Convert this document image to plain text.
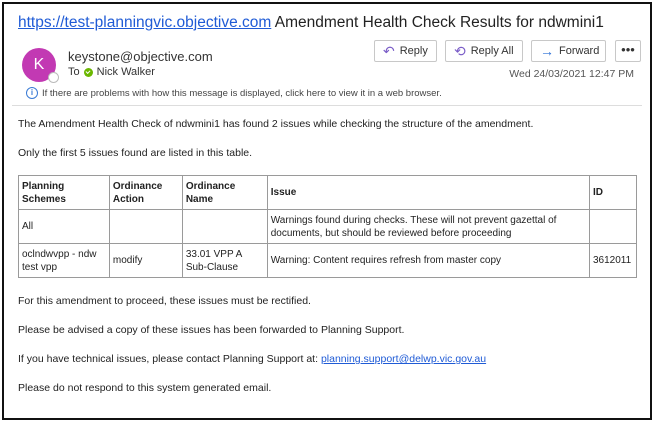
https://test-planningvic.objective.com Amendment Health Check Results for ndwmini1
K	keystone@objective.com
To Nick Walker
↶ Reply ⟲ Reply All → Forward	•••
Wed 24/03/2021 12:47 PM
i If there are problems with how this message is displayed, click here to view it in a web browser.
The Amendment Health Check of ndwmini1 has found 2 issues while checking the structure of the amendment.
Only the first 5 issues found are listed in this table.
Planning Schemes	Ordinance Action	Ordinance Name	Issue	ID
All			Warnings found during checks. These will not prevent gazettal of documents, but should be reviewed before proceeding	
oclndwvpp - ndw test vpp	modify	33.01 VPP A Sub-Clause	Warning: Content requires refresh from master copy	3612011
For this amendment to proceed, these issues must be rectified.
Please be advised a copy of these issues has been forwarded to Planning Support.
If you have technical issues, please contact Planning Support at: planning.support@delwp.vic.gov.au
Please do not respond to this system generated email.
